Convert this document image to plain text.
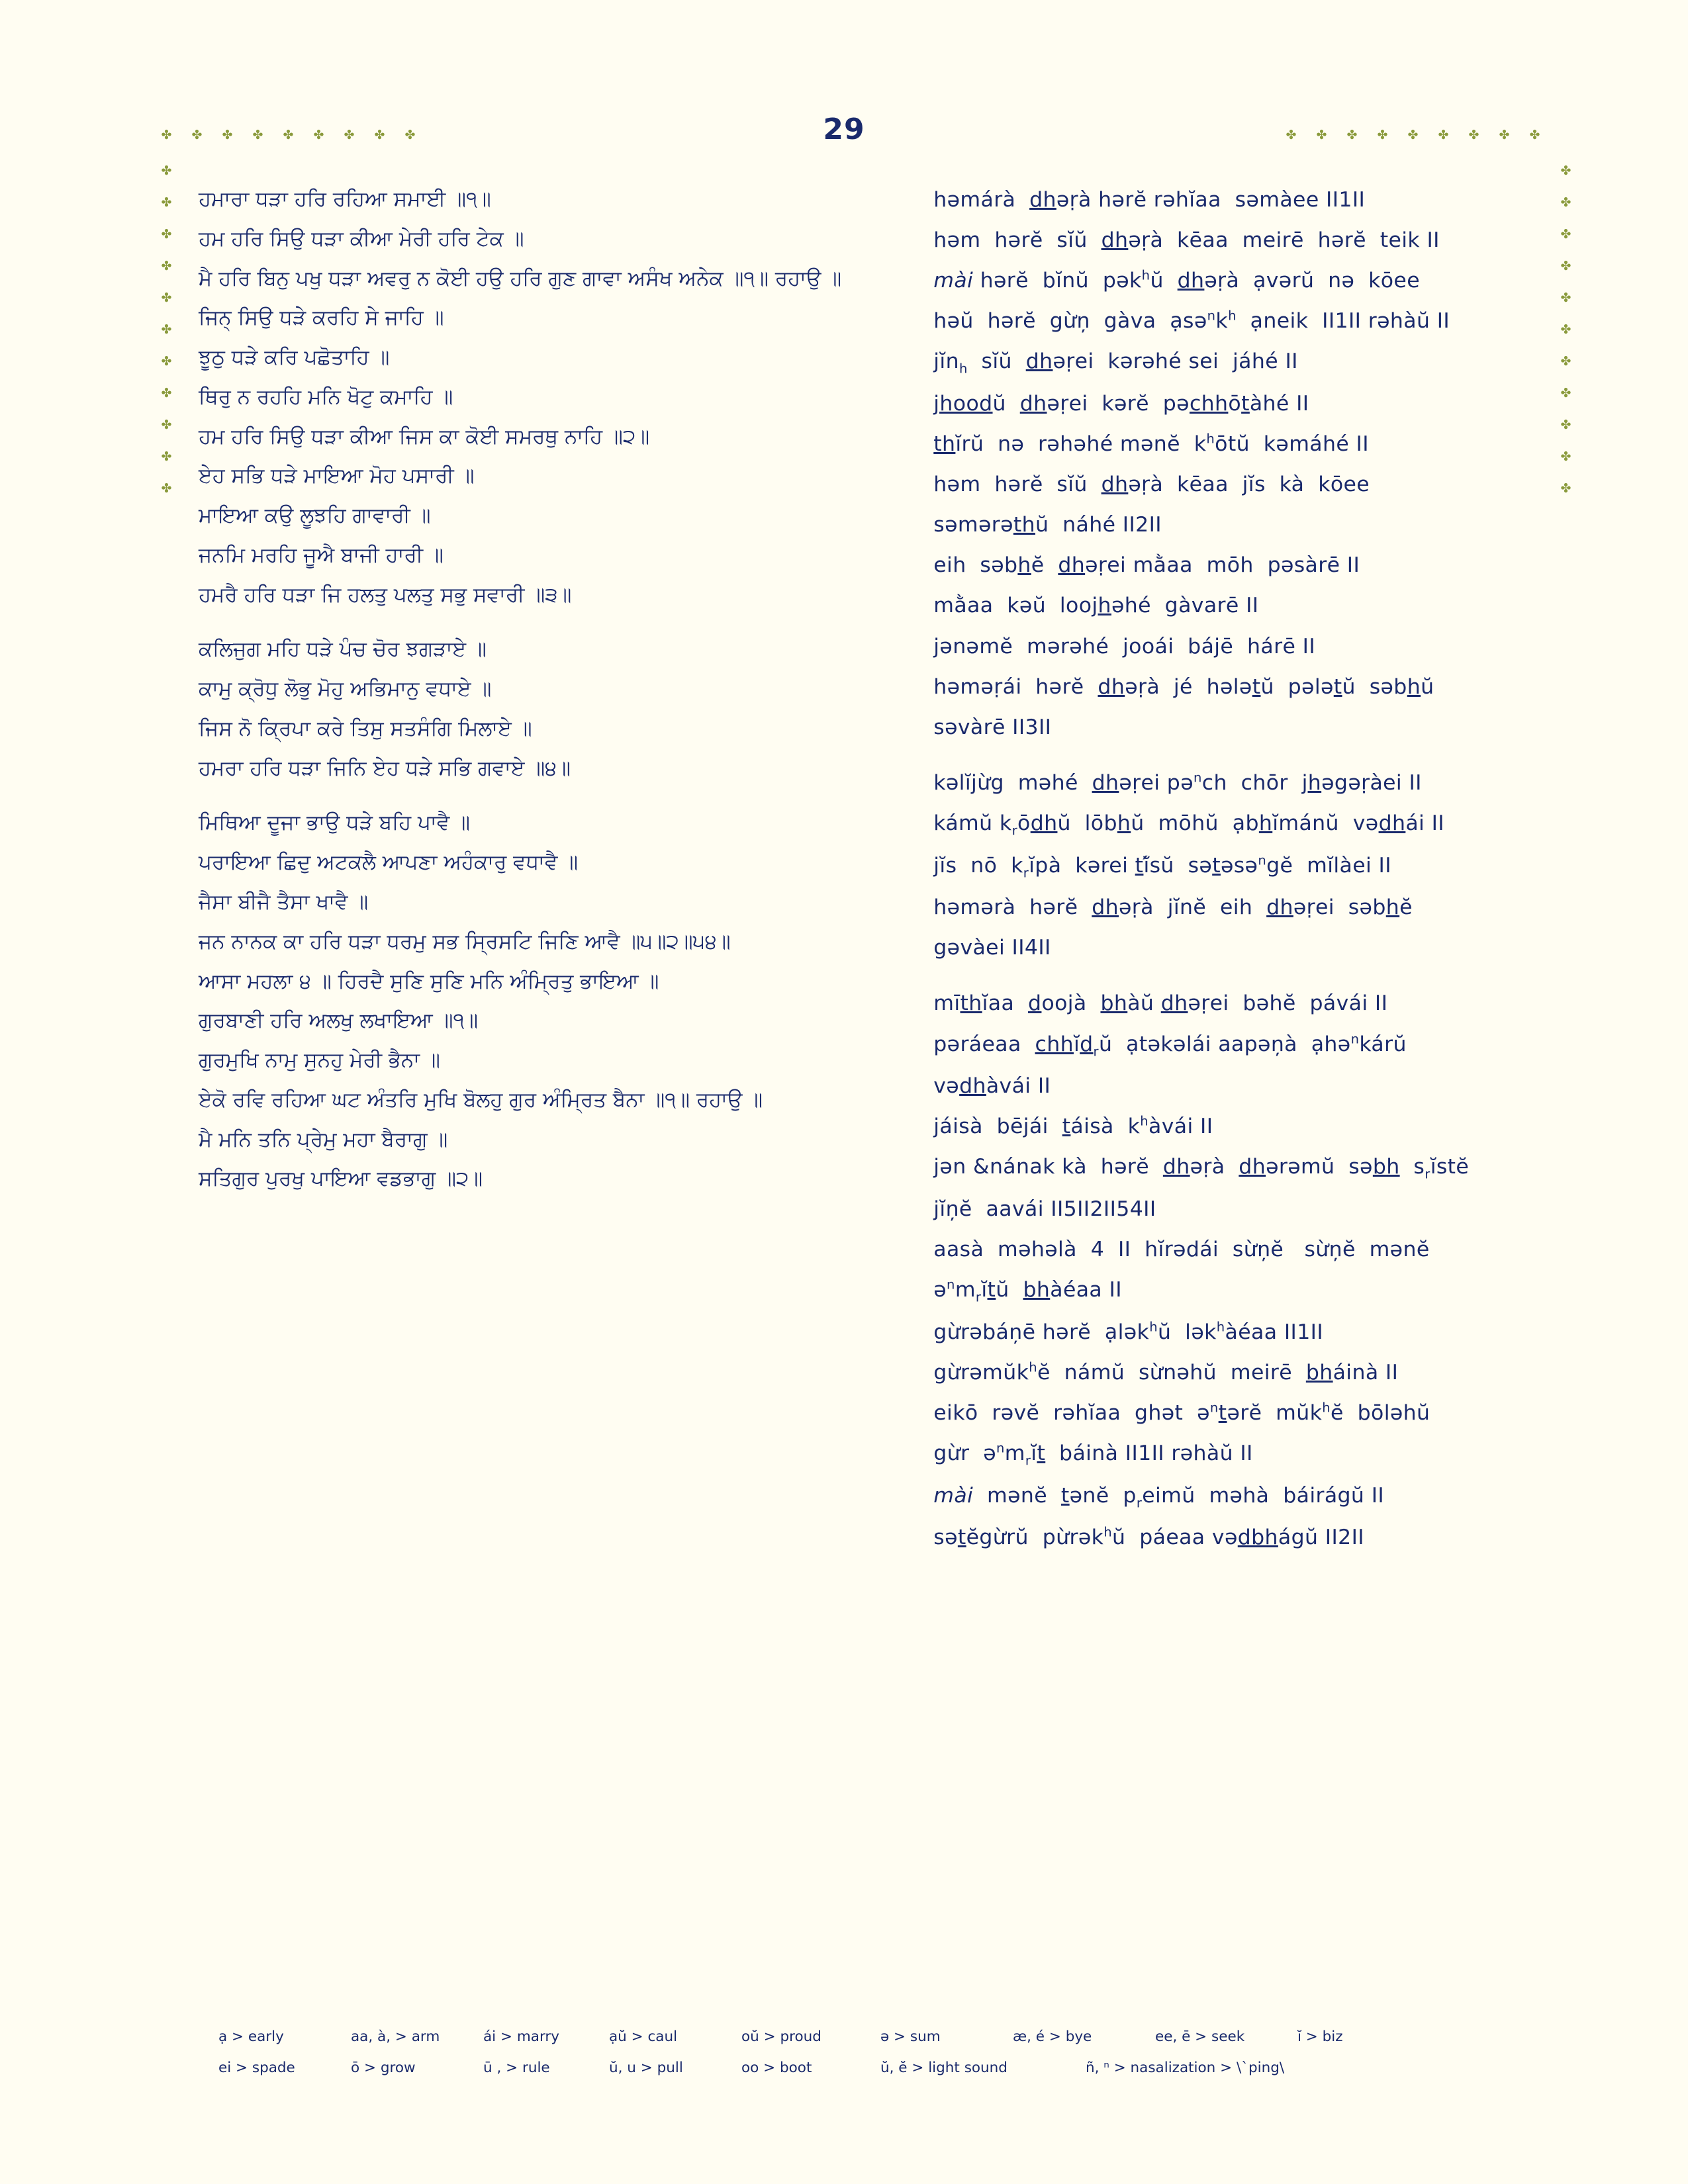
29
✤ ✤ ✤ ✤ ✤ ✤ ✤ ✤ ✤	✤ ✤ ✤ ✤ ✤ ✤ ✤ ✤ ✤
✤
✤
✤
✤
✤
✤
✤
✤
✤
✤
✤
✤
✤
✤
✤
✤
✤
✤
✤
✤
✤
✤
ਹਮਾਰਾ ਧੜਾ ਹਰਿ ਰਹਿਆ ਸਮਾਈ ॥੧॥
ਹਮ ਹਰਿ ਸਿਉ ਧੜਾ ਕੀਆ ਮੇਰੀ ਹਰਿ ਟੇਕ ॥
ਮੈ ਹਰਿ ਬਿਨੁ ਪਖੁ ਧੜਾ ਅਵਰੁ ਨ ਕੋਈ ਹਉ ਹਰਿ ਗੁਣ ਗਾਵਾ ਅਸੰਖ ਅਨੇਕ ॥੧॥ ਰਹਾਉ ॥
ਜਿਨ੍ ਸਿਉ ਧੜੇ ਕਰਹਿ ਸੇ ਜਾਹਿ ॥
ਝੂਠੁ ਧੜੇ ਕਰਿ ਪਛੋਤਾਹਿ ॥
ਥਿਰੁ ਨ ਰਹਹਿ ਮਨਿ ਖੋਟੁ ਕਮਾਹਿ ॥
ਹਮ ਹਰਿ ਸਿਉ ਧੜਾ ਕੀਆ ਜਿਸ ਕਾ ਕੋਈ ਸਮਰਥੁ ਨਾਹਿ ॥੨॥
ਏਹ ਸਭਿ ਧੜੇ ਮਾਇਆ ਮੋਹ ਪਸਾਰੀ ॥
ਮਾਇਆ ਕਉ ਲੂਝਹਿ ਗਾਵਾਰੀ ॥
ਜਨਮਿ ਮਰਹਿ ਜੂਐ ਬਾਜੀ ਹਾਰੀ ॥
ਹਮਰੈ ਹਰਿ ਧੜਾ ਜਿ ਹਲਤੁ ਪਲਤੁ ਸਭੁ ਸਵਾਰੀ ॥੩॥
ਕਲਿਜੁਗ ਮਹਿ ਧੜੇ ਪੰਚ ਚੋਰ ਝਗੜਾਏ ॥
ਕਾਮੁ ਕ੍ਰੋਧੁ ਲੋਭੁ ਮੋਹੁ ਅਭਿਮਾਨੁ ਵਧਾਏ ॥
ਜਿਸ ਨੋ ਕ੍ਰਿਪਾ ਕਰੇ ਤਿਸੁ ਸਤਸੰਗਿ ਮਿਲਾਏ ॥
ਹਮਰਾ ਹਰਿ ਧੜਾ ਜਿਨਿ ਏਹ ਧੜੇ ਸਭਿ ਗਵਾਏ ॥੪॥
ਮਿਥਿਆ ਦੂਜਾ ਭਾਉ ਧੜੇ ਬਹਿ ਪਾਵੈ ॥
ਪਰਾਇਆ ਛਿਦੁ ਅਟਕਲੈ ਆਪਣਾ ਅਹੰਕਾਰੁ ਵਧਾਵੈ ॥
ਜੈਸਾ ਬੀਜੈ ਤੈਸਾ ਖਾਵੈ ॥
ਜਨ ਨਾਨਕ ਕਾ ਹਰਿ ਧੜਾ ਧਰਮੁ ਸਭ ਸ੍ਰਿਸਟਿ ਜਿਣਿ ਆਵੈ ॥੫॥੨॥੫੪॥
ਆਸਾ ਮਹਲਾ ੪ ॥ ਹਿਰਦੈ ਸੁਣਿ ਸੁਣਿ ਮਨਿ ਅੰਮ੍ਰਿਤੁ ਭਾਇਆ ॥
ਗੁਰਬਾਣੀ ਹਰਿ ਅਲਖੁ ਲਖਾਇਆ ॥੧॥
ਗੁਰਮੁਖਿ ਨਾਮੁ ਸੁਨਹੁ ਮੇਰੀ ਭੈਨਾ ॥
ਏਕੋ ਰਵਿ ਰਹਿਆ ਘਟ ਅੰਤਰਿ ਮੁਖਿ ਬੋਲਹੁ ਗੁਰ ਅੰਮ੍ਰਿਤ ਬੈਨਾ ॥੧॥ ਰਹਾਉ ॥
ਮੈ ਮਨਿ ਤਨਿ ਪ੍ਰੇਮੁ ਮਹਾ ਬੈਰਾਗੁ ॥
ਸਤਿਗੁਰ ਪੁਰਖੁ ਪਾਇਆ ਵਡਭਾਗੁ ॥੨॥
həmárà  dhəṛà hərĕ rəhĭaa  səmàee II1II
həm  hərĕ  sĭŭ  dhəṛà  kēaa  meirē  hərĕ  teik II
mài hərĕ  bĭnŭ  pək$^h$ŭ  dhəṛà  ạvərŭ  nə  kōee
həŭ  hərĕ  gừņ  gàva  $ạsə^nk^h$  ạneik  II1II rəhàŭ II
jĭn$_h$  sĭŭ  dhəṛei  kərəhé sei  jáhé II
jhoodŭ  dhəṛei  kərĕ  pəchhōtàhé II
thĭrŭ  nə  rəhəhé mənĕ  $k^hōtŭ$  kəmáhé II
həm  hərĕ  sĭŭ  dhəṛà  kēaa  jĭs  kà  kōee
səmərəthŭ  náhé II2II
eih  səbhĕ  dhəṛei mằaa  mōh  pəsàrē II
mằaa  kəŭ  loojhəhé  gàvarē II
jənəmĕ  mərəhé  jooái  bájē  hárē II
həməṛái  hərĕ  dhəṛà  jé  hələtŭ  pələtŭ  səbhŭ
səvàrē II3II
kəlĭjừg  məhé  dhəṛei pə$^n$ch  chōr  jhəgəṛàei II
kámŭ $k_rōdhŭ$  lōbhŭ  mōhŭ  ạbhĭmánŭ  vədhái II
jĭs  nō  $k_rĭpà$  kərei tĭ́sŭ  sətəsə$^n$gĕ  mĭlàei II
həmərà  hərĕ  dhəṛà  jĭnĕ  eih  dhəṛei  səbhĕ
gəvàei II4II
mīthĭaa  doojà  bhàŭ dhəṛei  bəhĕ  pávái II
pəráeaa  chhĭd$_r$ŭ  ạtəkəlái aapəņà  ạhə$^n$kárŭ
vədhàvái II
jáisà  bējái  táisà  $k^hàvái$ II
jən &nának kà  hərĕ  dhəṛà  dhərəmŭ  səbh  $s_rĭstĕ$
jĭņĕ  aavái II5II2II54II
aasà  məhəlà  4  II  hĭrədái  sừņĕ   sừņĕ  mənĕ
$ə^nm_rĭtŭ$  bhàéaa II
gừrəbáņē hərĕ  ạlək$^h$ŭ  lək$^h$àéaa II1II
gừrəmŭk$^h$ĕ  námŭ  sừnəhŭ  meirē  bháinà II
eikō  rəvĕ  rəhĭaa  ghət  ə$^n$tərĕ  mŭk$^h$ĕ  bōləhŭ
gừr  $ə^nm_rĭt$  báinà II1II rəhàŭ II
mài  mənĕ  tənĕ  $p_reimŭ$  məhà  báirágŭ II
sətĕgừrŭ  pừrək$^h$ŭ  páeaa vədbhágŭ II2II
ạ > early	aa, à, > arm	ái > marry	ạŭ > caul	oŭ > proud	ə > sum	æ, é > bye	ee, ē > seek	ĭ > biz
ei > spade	ō > grow	ū , > rule	ŭ, u > pull	oo > boot	ŭ, ĕ > light sound	ñ, ⁿ > nasalization > \`ping\
